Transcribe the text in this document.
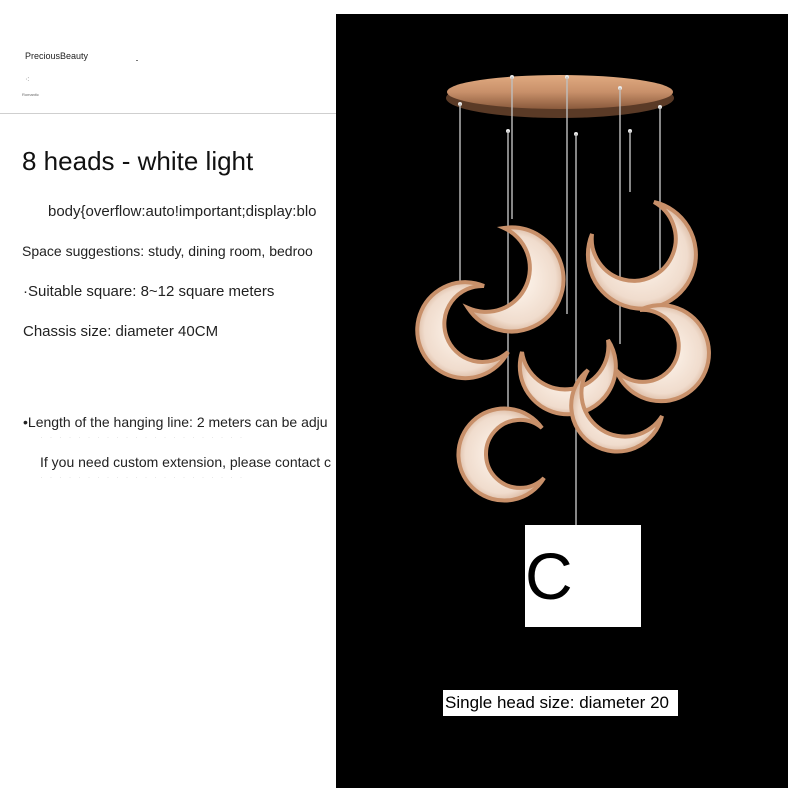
PreciousBeauty
⁖
Romantic
8 heads - white light
body{overflow:auto!important;display:blo
Space suggestions: study, dining room, bedroo
·Suitable square: 8~12 square meters
Chassis size: diameter 40CM
•Length of the hanging line: 2 meters can be adju
· · · · · · · · · · · · · · · · · · · · · ·
If you need custom extension, please contact c
· · · · · · · · · · · · · · · · · · · · · ·
C
Single head size: diameter 20
